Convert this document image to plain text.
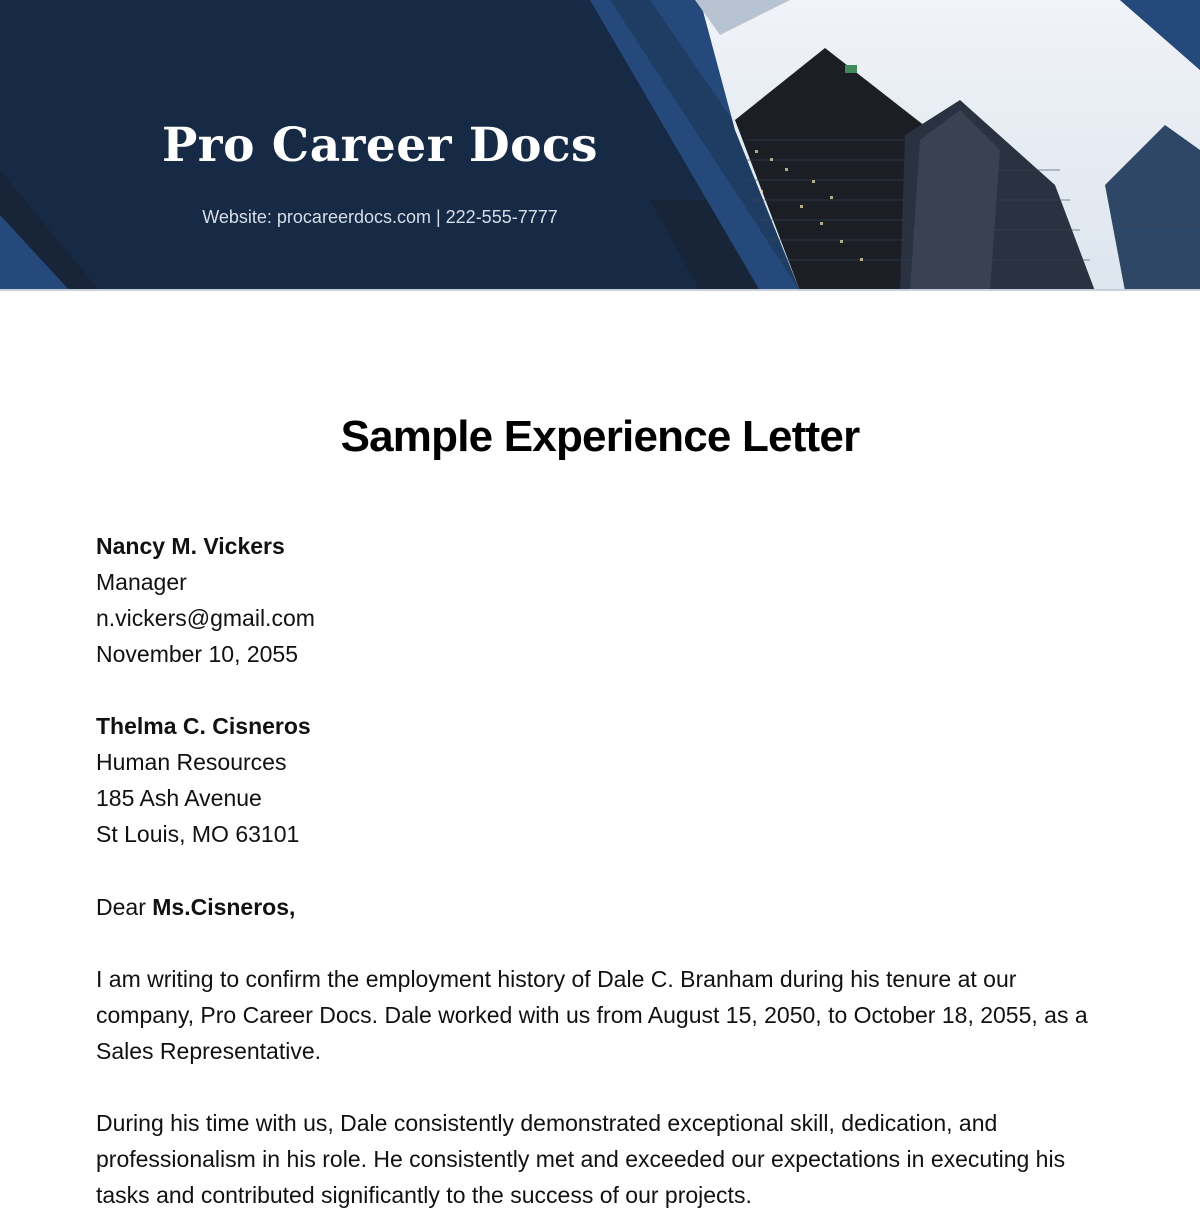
Pro Career Docs
Website: procareerdocs.com | 222-555-7777
Sample Experience Letter
Nancy M. Vickers
Manager
n.vickers@gmail.com
November 10, 2055
Thelma C. Cisneros
Human Resources
185 Ash Avenue
St Louis, MO 63101
Dear Ms.Cisneros,
I am writing to confirm the employment history of Dale C. Branham during his tenure at our company, Pro Career Docs. Dale worked with us from August 15, 2050, to October 18, 2055, as a Sales Representative.
During his time with us, Dale consistently demonstrated exceptional skill, dedication, and professionalism in his role. He consistently met and exceeded our expectations in executing his tasks and contributed significantly to the success of our projects.
